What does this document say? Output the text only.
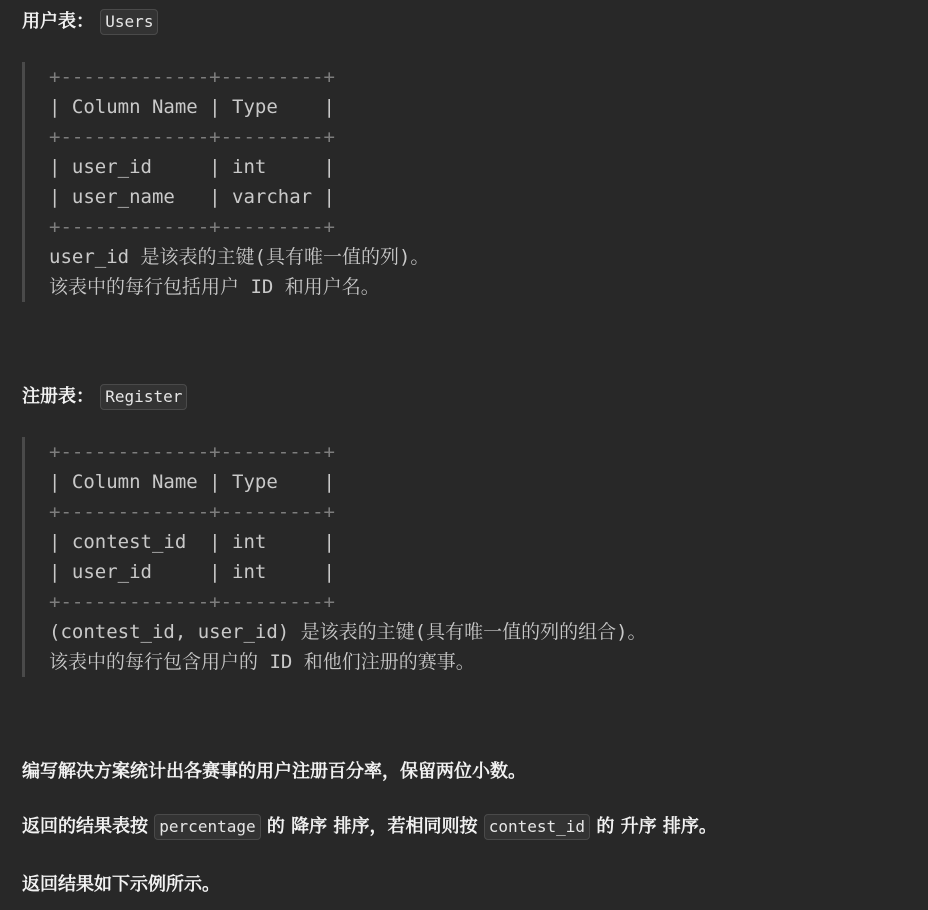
用户表： Users
+-------------+---------+
| Column Name | Type    |
+-------------+---------+
| user_id     | int     |
| user_name   | varchar |
+-------------+---------+
user_id 是该表的主键(具有唯一值的列)。
该表中的每行包括用户 ID 和用户名。
注册表： Register
+-------------+---------+
| Column Name | Type    |
+-------------+---------+
| contest_id  | int     |
| user_id     | int     |
+-------------+---------+
(contest_id, user_id) 是该表的主键(具有唯一值的列的组合)。
该表中的每行包含用户的 ID 和他们注册的赛事。
编写解决方案统计出各赛事的用户注册百分率，保留两位小数。
返回的结果表按 percentage 的 降序 排序，若相同则按 contest_id 的 升序 排序。
返回结果如下示例所示。
